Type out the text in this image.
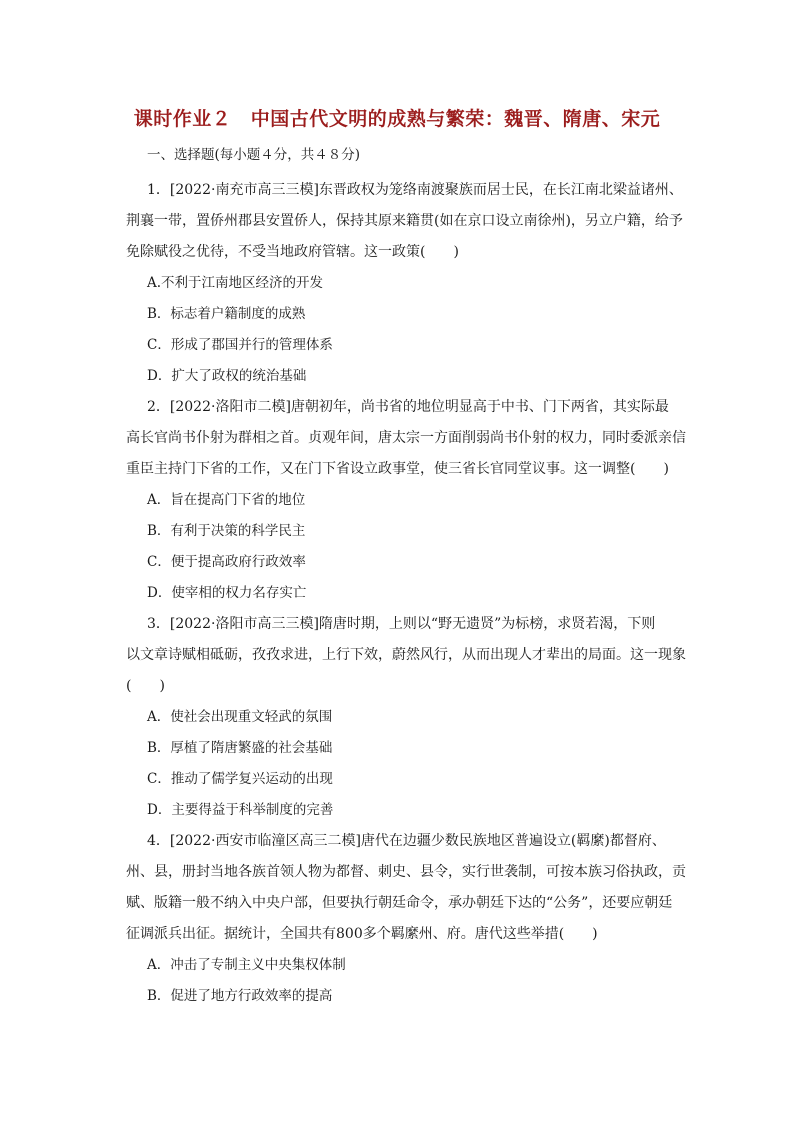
课时作业２　中国古代文明的成熟与繁荣：魏晋、隋唐、宋元
一、选择题(每小题４分，共４８分)
1．[2022·南充市高三三模]东晋政权为笼络南渡聚族而居士民，在长江南北梁益诸州、
荆襄一带，置侨州郡县安置侨人，保持其原来籍贯(如在京口设立南徐州)，另立户籍，给予
免除赋役之优待，不受当地政府管辖。这一政策(　　)
A.不利于江南地区经济的开发
B．标志着户籍制度的成熟
C．形成了郡国并行的管理体系
D．扩大了政权的统治基础
2．[2022·洛阳市二模]唐朝初年，尚书省的地位明显高于中书、门下两省，其实际最
高长官尚书仆射为群相之首。贞观年间，唐太宗一方面削弱尚书仆射的权力，同时委派亲信
重臣主持门下省的工作，又在门下省设立政事堂，使三省长官同堂议事。这一调整(　　)
A．旨在提高门下省的地位
B．有利于决策的科学民主
C．便于提高政府行政效率
D．使宰相的权力名存实亡
3．[2022·洛阳市高三三模]隋唐时期，上则以“野无遗贤”为标榜，求贤若渴，下则
以文章诗赋相砥砺，孜孜求进，上行下效，蔚然风行，从而出现人才辈出的局面。这一现象
(　　)
A．使社会出现重文轻武的氛围
B．厚植了隋唐繁盛的社会基础
C．推动了儒学复兴运动的出现
D．主要得益于科举制度的完善
4．[2022·西安市临潼区高三二模]唐代在边疆少数民族地区普遍设立(羁縻)都督府、
州、县，册封当地各族首领人物为都督、刺史、县令，实行世袭制，可按本族习俗执政，贡
赋、版籍一般不纳入中央户部，但要执行朝廷命令，承办朝廷下达的“公务”，还要应朝廷
征调派兵出征。据统计，全国共有800多个羁縻州、府。唐代这些举措(　　)
A．冲击了专制主义中央集权体制
B．促进了地方行政效率的提高
